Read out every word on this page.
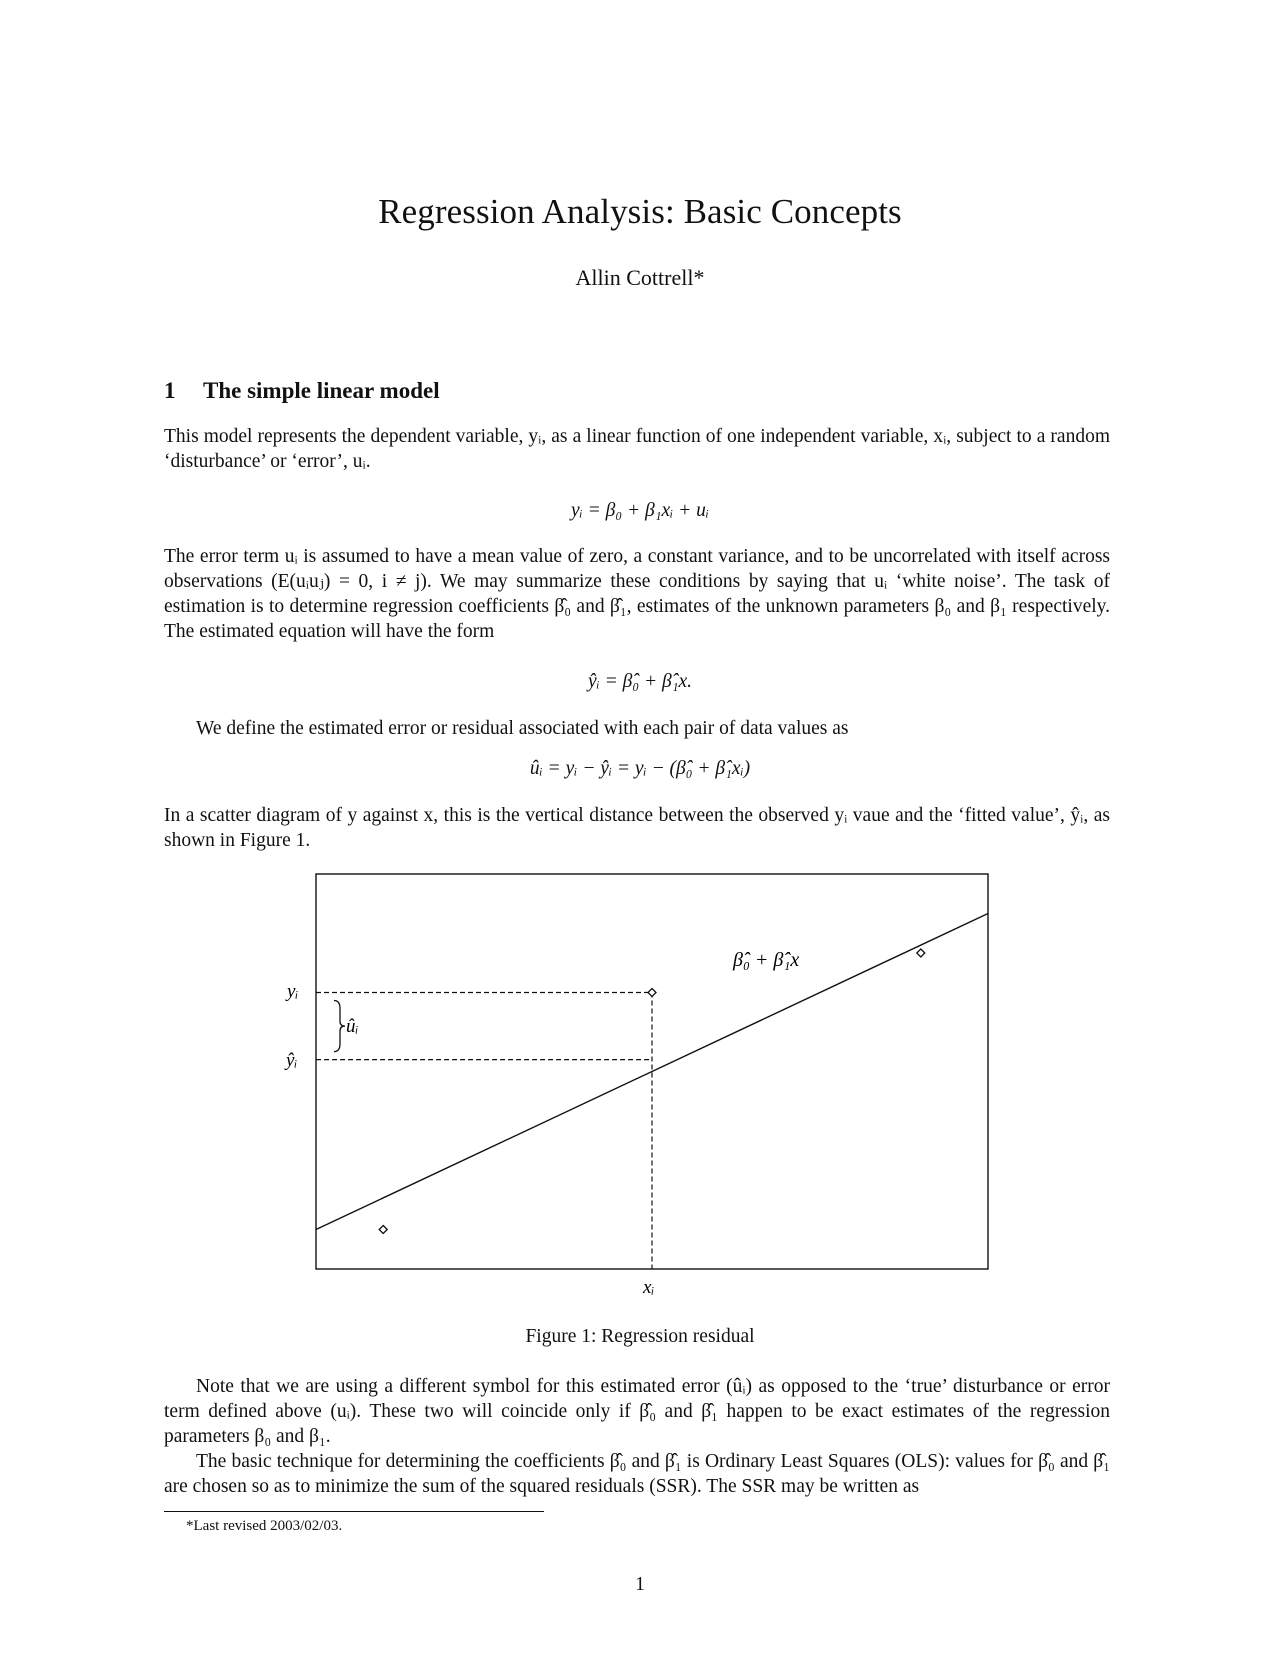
Regression Analysis: Basic Concepts
Allin Cottrell*
1 The simple linear model
This model represents the dependent variable, yᵢ, as a linear function of one independent variable, xᵢ, subject to a random ‘disturbance’ or ‘error’, uᵢ.
yᵢ = β₀ + β₁xᵢ + uᵢ
The error term uᵢ is assumed to have a mean value of zero, a constant variance, and to be uncorrelated with itself across observations (E(uᵢuⱼ) = 0, i ≠ j). We may summarize these conditions by saying that uᵢ ‘white noise’. The task of estimation is to determine regression coefficients β̂₀ and β̂₁, estimates of the unknown parameters β₀ and β₁ respectively. The estimated equation will have the form
ŷᵢ = β̂₀ + β̂₁x.
We define the estimated error or residual associated with each pair of data values as
ûᵢ = yᵢ − ŷᵢ = yᵢ − (β̂₀ + β̂₁xᵢ)
In a scatter diagram of y against x, this is the vertical distance between the observed yᵢ vaue and the ‘fitted value’, ŷᵢ, as shown in Figure 1.
β̂₀ + β̂₁x
yᵢ
ŷᵢ
ûᵢ
xᵢ
Figure 1: Regression residual
Note that we are using a different symbol for this estimated error (ûᵢ) as opposed to the ‘true’ disturbance or error term defined above (uᵢ). These two will coincide only if β̂₀ and β̂₁ happen to be exact estimates of the regression parameters β₀ and β₁.
The basic technique for determining the coefficients β̂₀ and β̂₁ is Ordinary Least Squares (OLS): values for β̂₀ and β̂₁ are chosen so as to minimize the sum of the squared residuals (SSR). The SSR may be written as
*Last revised 2003/02/03.
1
